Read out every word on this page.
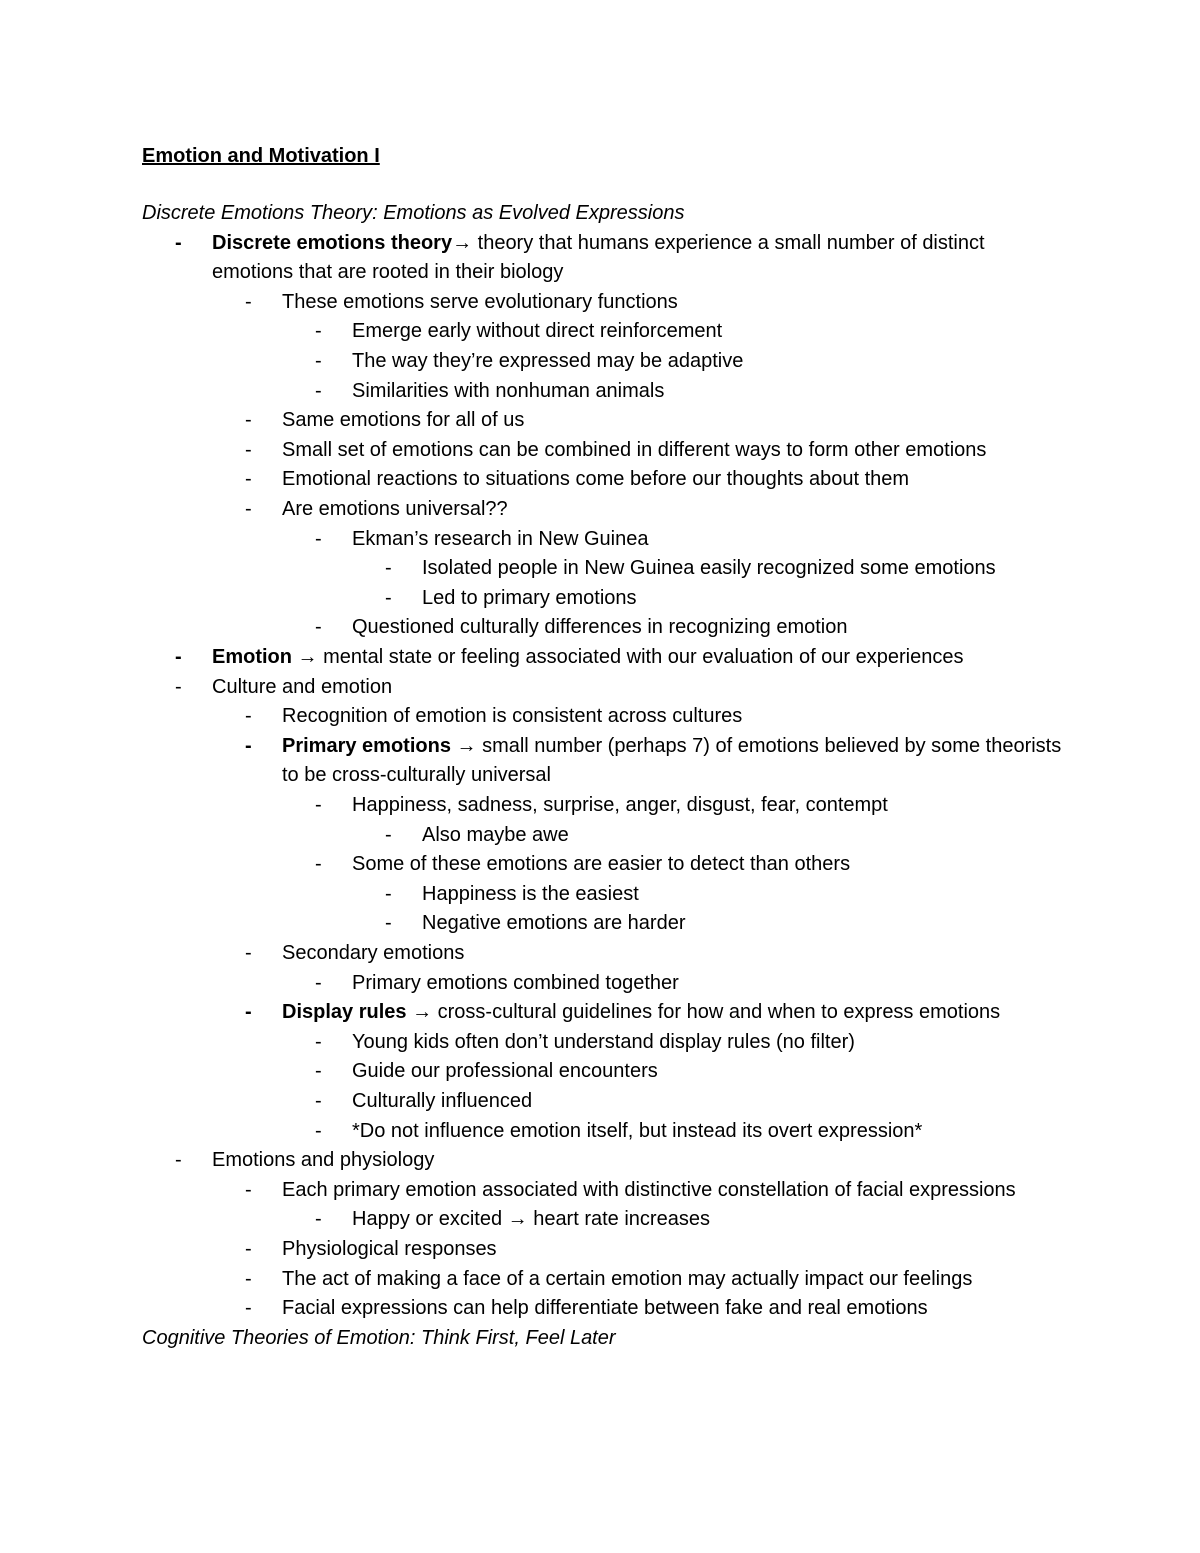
Emotion and Motivation I
Discrete Emotions Theory: Emotions as Evolved Expressions
-	Discrete emotions theory→ theory that humans experience a small number of distinct emotions that are rooted in their biology
-	These emotions serve evolutionary functions
-	Emerge early without direct reinforcement
-	The way they’re expressed may be adaptive
-	Similarities with nonhuman animals
-	Same emotions for all of us
-	Small set of emotions can be combined in different ways to form other emotions
-	Emotional reactions to situations come before our thoughts about them
-	Are emotions universal??
-	Ekman’s research in New Guinea
-	Isolated people in New Guinea easily recognized some emotions
-	Led to primary emotions
-	Questioned culturally differences in recognizing emotion
-	Emotion → mental state or feeling associated with our evaluation of our experiences
-	Culture and emotion
-	Recognition of emotion is consistent across cultures
-	Primary emotions → small number (perhaps 7) of emotions believed by some theorists to be cross-culturally universal
-	Happiness, sadness, surprise, anger, disgust, fear, contempt
-	Also maybe awe
-	Some of these emotions are easier to detect than others
-	Happiness is the easiest
-	Negative emotions are harder
-	Secondary emotions
-	Primary emotions combined together
-	Display rules → cross-cultural guidelines for how and when to express emotions
-	Young kids often don’t understand display rules (no filter)
-	Guide our professional encounters
-	Culturally influenced
-	*Do not influence emotion itself, but instead its overt expression*
-	Emotions and physiology
-	Each primary emotion associated with distinctive constellation of facial expressions
-	Happy or excited → heart rate increases
-	Physiological responses
-	The act of making a face of a certain emotion may actually impact our feelings
-	Facial expressions can help differentiate between fake and real emotions
Cognitive Theories of Emotion: Think First, Feel Later
